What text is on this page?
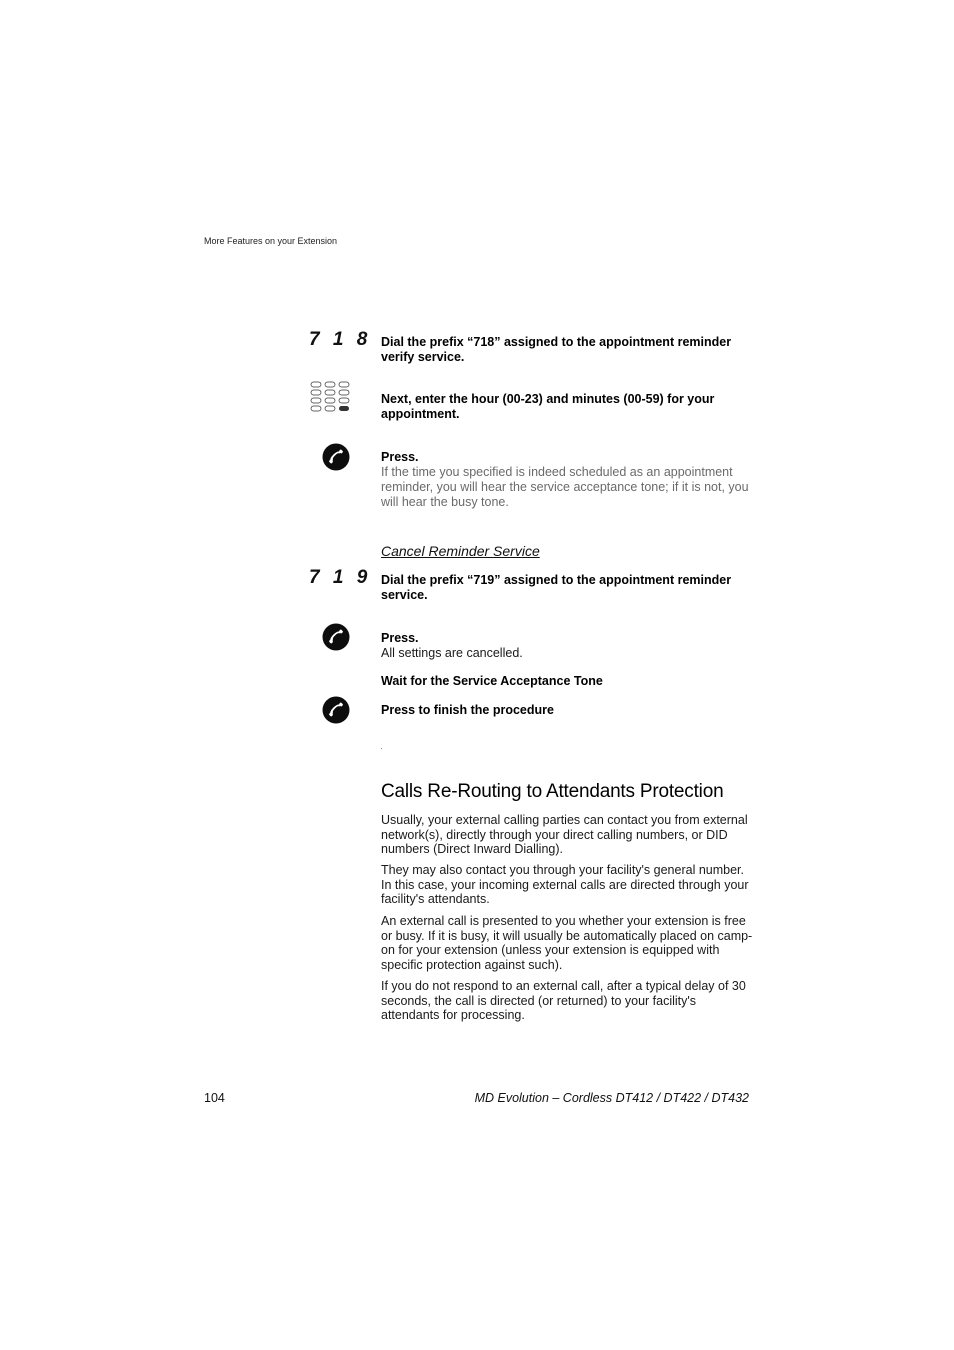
More Features on your Extension
7 1 8 Dial the prefix “718” assigned to the appointment reminder verify service.
Next, enter the hour (00-23) and minutes (00-59) for your appointment.
Press.
If the time you specified is indeed scheduled as an appointment reminder, you will hear the service acceptance tone; if it is not, you will hear the busy tone.
Cancel Reminder Service
7 1 9 Dial the prefix “719” assigned to the appointment reminder service.
Press.
All settings are cancelled.
Wait for the Service Acceptance Tone
Press to finish the procedure
Calls Re-Routing to Attendants Protection
Usually, your external calling parties can contact you from external network(s), directly through your direct calling numbers, or DID numbers (Direct Inward Dialling).
They may also contact you through your facility's general number. In this case, your incoming external calls are directed through your facility's attendants.
An external call is presented to you whether your extension is free or busy. If it is busy, it will usually be automatically placed on camp-on for your extension (unless your extension is equipped with specific protection against such).
If you do not respond to an external call, after a typical delay of 30 seconds, the call is directed (or returned) to your facility's attendants for processing.
104	MD Evolution – Cordless DT412 / DT422 / DT432
